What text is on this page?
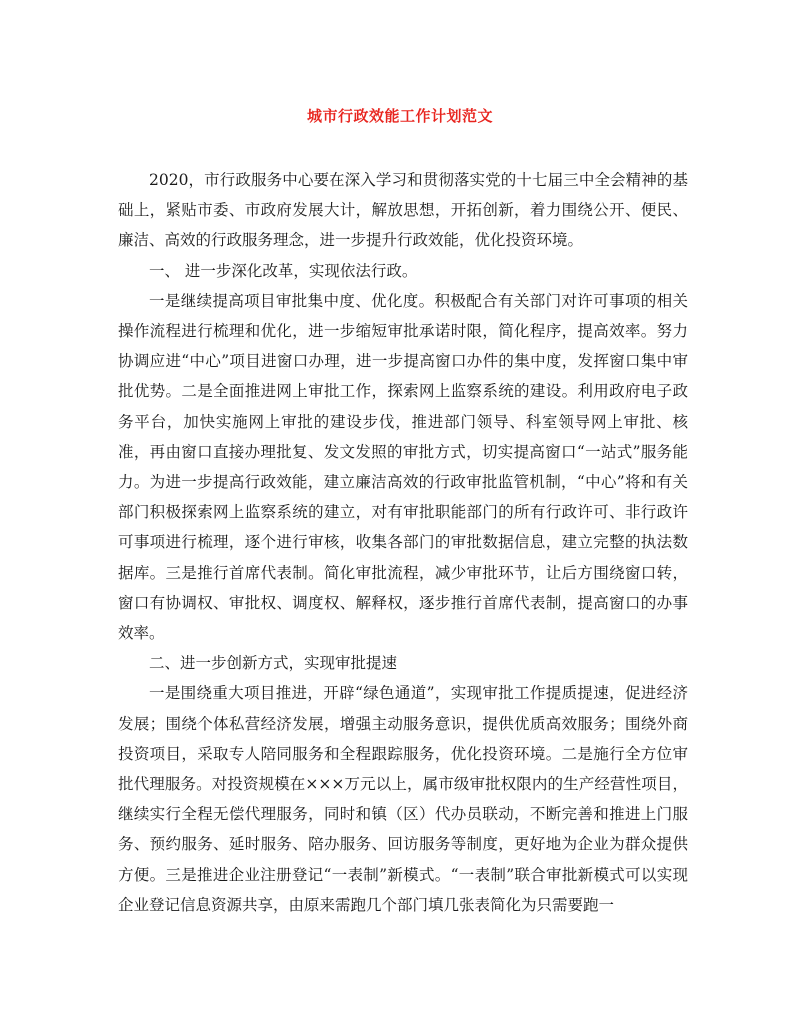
城市行政效能工作计划范文

2020，市行政服务中心要在深入学习和贯彻落实党的十七届三中全会精神的基础上，紧贴市委、市政府发展大计，解放思想，开拓创新，着力围绕公开、便民、廉洁、高效的行政服务理念，进一步提升行政效能，优化投资环境。

一、 进一步深化改革，实现依法行政。

一是继续提高项目审批集中度、优化度。积极配合有关部门对许可事项的相关操作流程进行梳理和优化，进一步缩短审批承诺时限，简化程序，提高效率。努力协调应进“中心”项目进窗口办理，进一步提高窗口办件的集中度，发挥窗口集中审批优势。二是全面推进网上审批工作，探索网上监察系统的建设。利用政府电子政务平台，加快实施网上审批的建设步伐，推进部门领导、科室领导网上审批、核准，再由窗口直接办理批复、发文发照的审批方式，切实提高窗口“一站式”服务能力。为进一步提高行政效能，建立廉洁高效的行政审批监管机制，“中心”将和有关部门积极探索网上监察系统的建立，对有审批职能部门的所有行政许可、非行政许可事项进行梳理，逐个进行审核，收集各部门的审批数据信息，建立完整的执法数据库。三是推行首席代表制。简化审批流程，减少审批环节，让后方围绕窗口转，窗口有协调权、审批权、调度权、解释权，逐步推行首席代表制，提高窗口的办事效率。

二、进一步创新方式，实现审批提速

一是围绕重大项目推进，开辟“绿色通道”，实现审批工作提质提速，促进经济发展；围绕个体私营经济发展，增强主动服务意识，提供优质高效服务；围绕外商投资项目，采取专人陪同服务和全程跟踪服务，优化投资环境。二是施行全方位审批代理服务。对投资规模在×××万元以上，属市级审批权限内的生产经营性项目，继续实行全程无偿代理服务，同时和镇（区）代办员联动，不断完善和推进上门服务、预约服务、延时服务、陪办服务、回访服务等制度，更好地为企业为群众提供方便。三是推进企业注册登记“一表制”新模式。“一表制”联合审批新模式可以实现企业登记信息资源共享，由原来需跑几个部门填几张表简化为只需要跑一
